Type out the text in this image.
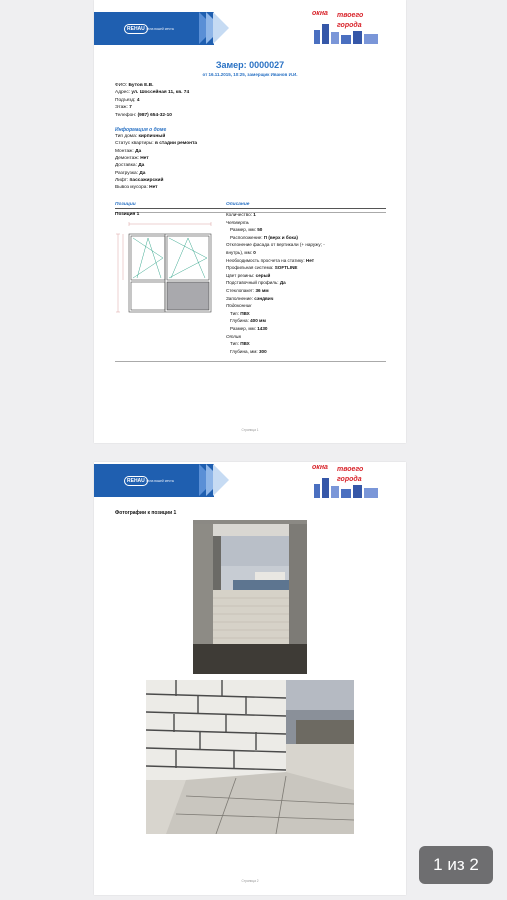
REHAU Окна вашей мечты
окна твоего
города
Замер: 0000027
от 16.11.2015, 10:25, замерщик Иванов И.И.
Информация о доме
Позиции	Описание
Позиция 1
Страница 1
ФИО: Бутов Е.В.
Адрес: ул. Шоссейная 11, кв. 74
Подъезд: 4
Этаж: 7
Телефон: (987) 654-32-10
Тип дома: кирпичный
Статус квартиры: в стадии ремонта
Монтаж: Да
Демонтаж: Нет
Доставка: Да
Разгрузка: Да
Лифт: пассажирский
Вывоз мусора: Нет
Количество: 1
Четверть
Размер, мм: 50
Расположение: П (верх и бока)
Отклонение фасада от вертикали (+ наружу; -
внутрь), мм: 0
Необходимость просчета на статику: Нет
Профильная система: SOFTLINE
Цвет резины: серый
Подставочный профиль: Да
Стеклопакет: 36 мм
Заполнение: сэндвич
Подоконник
Тип: ПВХ
Глубина: 400 мм
Размер, мм: 1430
Отлив
Тип: ПВХ
Глубина, мм: 300
REHAU Окна вашей мечты
окна твоего
города
Фотографии к позиции 1
Страница 2
1 из 2
